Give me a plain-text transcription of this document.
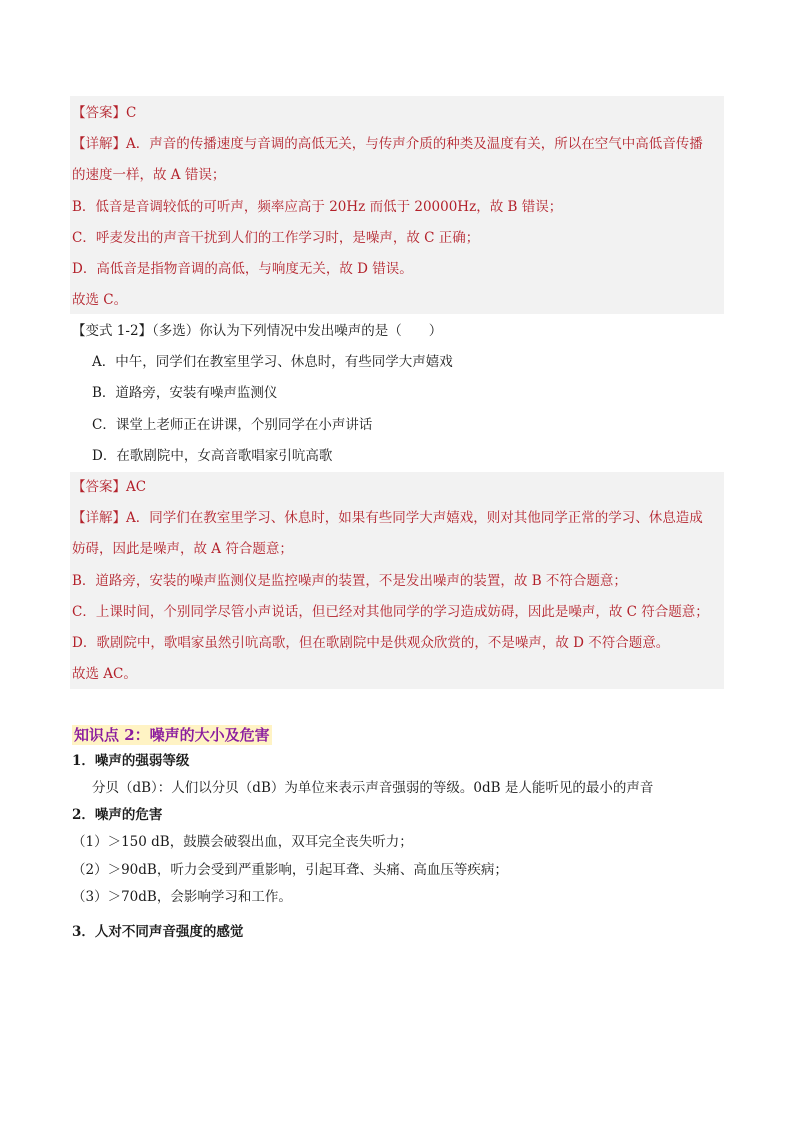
【答案】C
【详解】A．声音的传播速度与音调的高低无关，与传声介质的种类及温度有关，所以在空气中高低音传播
的速度一样，故 A 错误；
B．低音是音调较低的可听声，频率应高于 20Hz 而低于 20000Hz，故 B 错误；
C．呼麦发出的声音干扰到人们的工作学习时，是噪声，故 C 正确；
D．高低音是指物音调的高低，与响度无关，故 D 错误。
故选 C。
【变式 1-2】（多选）你认为下列情况中发出噪声的是（　　）
A．中午，同学们在教室里学习、休息时，有些同学大声嬉戏
B．道路旁，安装有噪声监测仪
C．课堂上老师正在讲课，个别同学在小声讲话
D．在歌剧院中，女高音歌唱家引吭高歌
【答案】AC
【详解】A．同学们在教室里学习、休息时，如果有些同学大声嬉戏，则对其他同学正常的学习、休息造成
妨碍，因此是噪声，故 A 符合题意；
B．道路旁，安装的噪声监测仪是监控噪声的装置，不是发出噪声的装置，故 B 不符合题意；
C．上课时间，个别同学尽管小声说话，但已经对其他同学的学习造成妨碍，因此是噪声，故 C 符合题意；
D．歌剧院中，歌唱家虽然引吭高歌，但在歌剧院中是供观众欣赏的，不是噪声，故 D 不符合题意。
故选 AC。
知识点 2：噪声的大小及危害
1．噪声的强弱等级
分贝（dB）：人们以分贝（dB）为单位来表示声音强弱的等级。0dB 是人能听见的最小的声音
2．噪声的危害
（1）＞150 dB，鼓膜会破裂出血，双耳完全丧失听力；
（2）＞90dB，听力会受到严重影响，引起耳聋、头痛、高血压等疾病；
（3）＞70dB，会影响学习和工作。
3．人对不同声音强度的感觉
